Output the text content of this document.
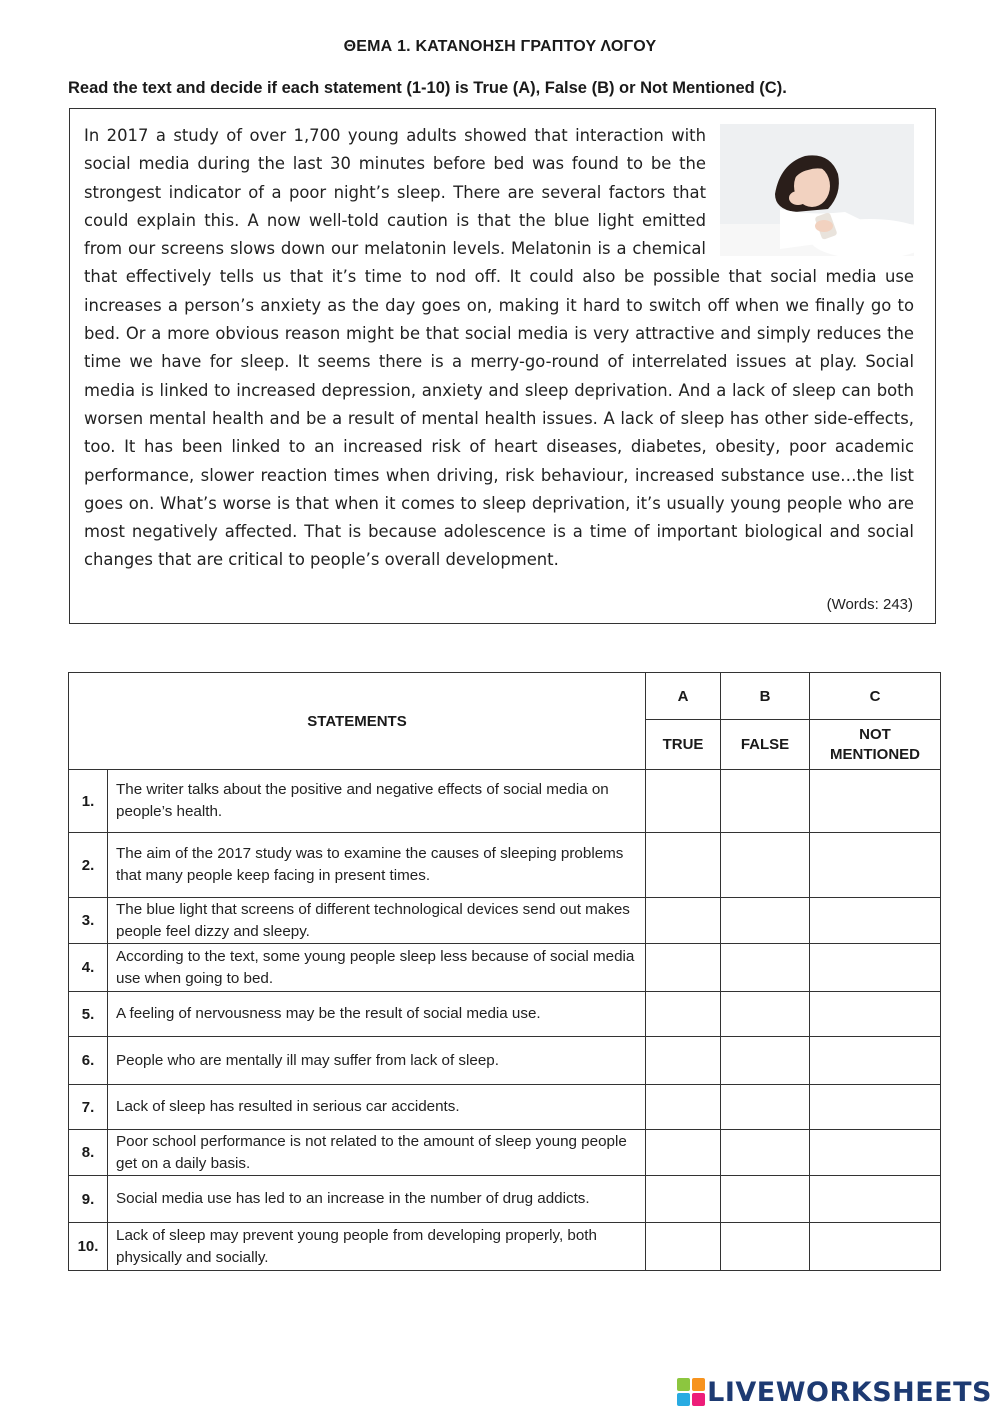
ΘΕΜΑ 1. ΚΑΤΑΝΟΗΣΗ ΓΡΑΠΤΟΥ ΛΟΓΟΥ
Read the text and decide if each statement (1-10) is True (A), False (B) or Not Mentioned (C).
In 2017 a study of over 1,700 young adults showed that interaction with social media during the last 30 minutes before bed was found to be the strongest indicator of a poor night’s sleep. There are several factors that could explain this. A now well-told caution is that the blue light emitted from our screens slows down our melatonin levels. Melatonin is a chemical that effectively tells us that it’s time to nod off. It could also be possible that social media use increases a person’s anxiety as the day goes on, making it hard to switch off when we finally go to bed. Or a more obvious reason might be that social media is very attractive and simply reduces the time we have for sleep. It seems there is a merry-go-round of interrelated issues at play. Social media is linked to increased depression, anxiety and sleep deprivation. And a lack of sleep can both worsen mental health and be a result of mental health issues. A lack of sleep has other side-effects, too. It has been linked to an increased risk of heart diseases, diabetes, obesity, poor academic performance, slower reaction times when driving, risk behaviour, increased substance use…the list goes on. What’s worse is that when it comes to sleep deprivation, it’s usually young people who are most negatively affected. That is because adolescence is a time of important biological and social changes that are critical to people’s overall development.
(Words: 243)
STATEMENTS		A	B	C
		TRUE	FALSE	NOT MENTIONED
1.	The writer talks about the positive and negative effects of social media on people’s health.			
2.	The aim of the 2017 study was to examine the causes of sleeping problems that many people keep facing in present times.			
3.	The blue light that screens of different technological devices send out makes people feel dizzy and sleepy.			
4.	According to the text, some young people sleep less because of social media use when going to bed.			
5.	A feeling of nervousness may be the result of social media use.			
6.	People who are mentally ill may suffer from lack of sleep.			
7.	Lack of sleep has resulted in serious car accidents.			
8.	Poor school performance is not related to the amount of sleep young people get on a daily basis.			
9.	Social media use has led to an increase in the number of drug addicts.			
10.	Lack of sleep may prevent young people from developing properly, both physically and socially.			
LIVEWORKSHEETS
